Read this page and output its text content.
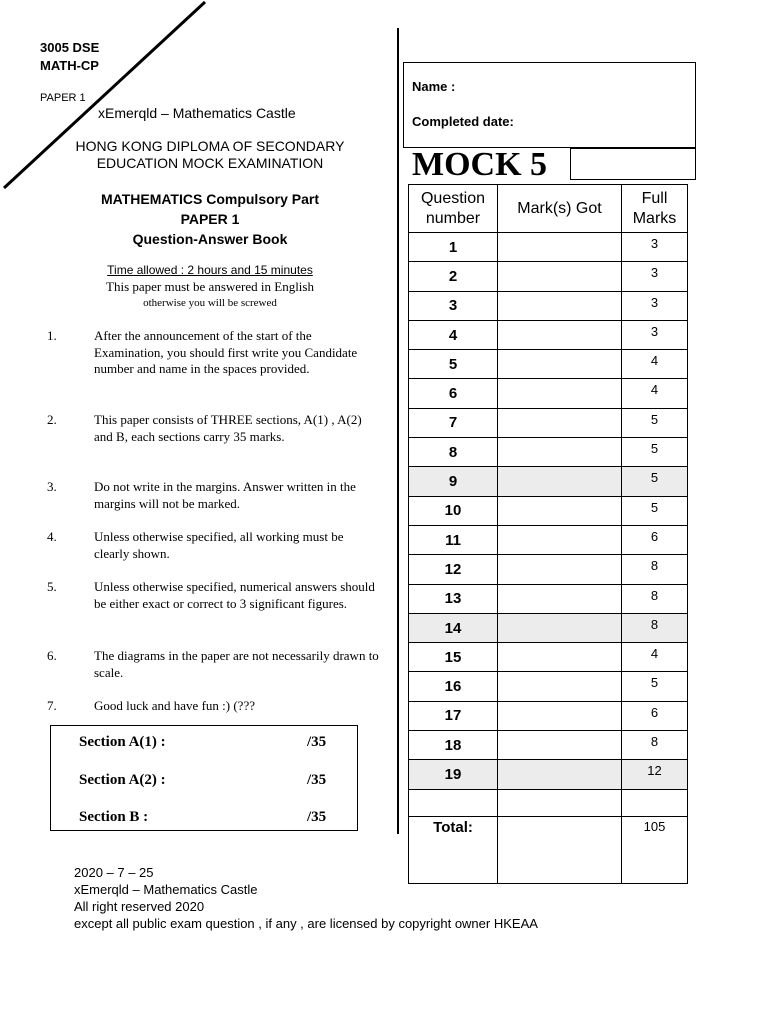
3005 DSE
MATH-CP
PAPER 1
xEmerqld – Mathematics Castle
HONG KONG DIPLOMA OF SECONDARY
EDUCATION MOCK EXAMINATION
MATHEMATICS Compulsory Part
PAPER 1
Question-Answer Book
Time allowed : 2 hours and 15 minutes
This paper must be answered in English
otherwise you will be screwed
1.	After the announcement of the start of the Examination, you should first write you Candidate number and name in the spaces provided.
2.	This paper consists of THREE sections, A(1) , A(2) and B, each sections carry 35 marks.
3.	Do not write in the margins. Answer written in the margins will not be marked.
4.	Unless otherwise specified, all working must be clearly shown.
5.	Unless otherwise specified, numerical answers should be either exact or correct to 3 significant figures.
6.	The diagrams in the paper are not necessarily drawn to scale.
7.	Good luck and have fun :) (???
Section A(1) :	/35
Section A(2) :	/35
Section B :	/35
Name :
Completed date:
MOCK 5
Question number	Mark(s) Got	Full Marks
1		3
2		3
3		3
4		3
5		4
6		4
7		5
8		5
9		5
10		5
11		6
12		8
13		8
14		8
15		4
16		5
17		6
18		8
19		12

Total:		105
2020 – 7 – 25
xEmerqld – Mathematics Castle
All right reserved 2020
except all public exam question , if any , are licensed by copyright owner HKEAA
